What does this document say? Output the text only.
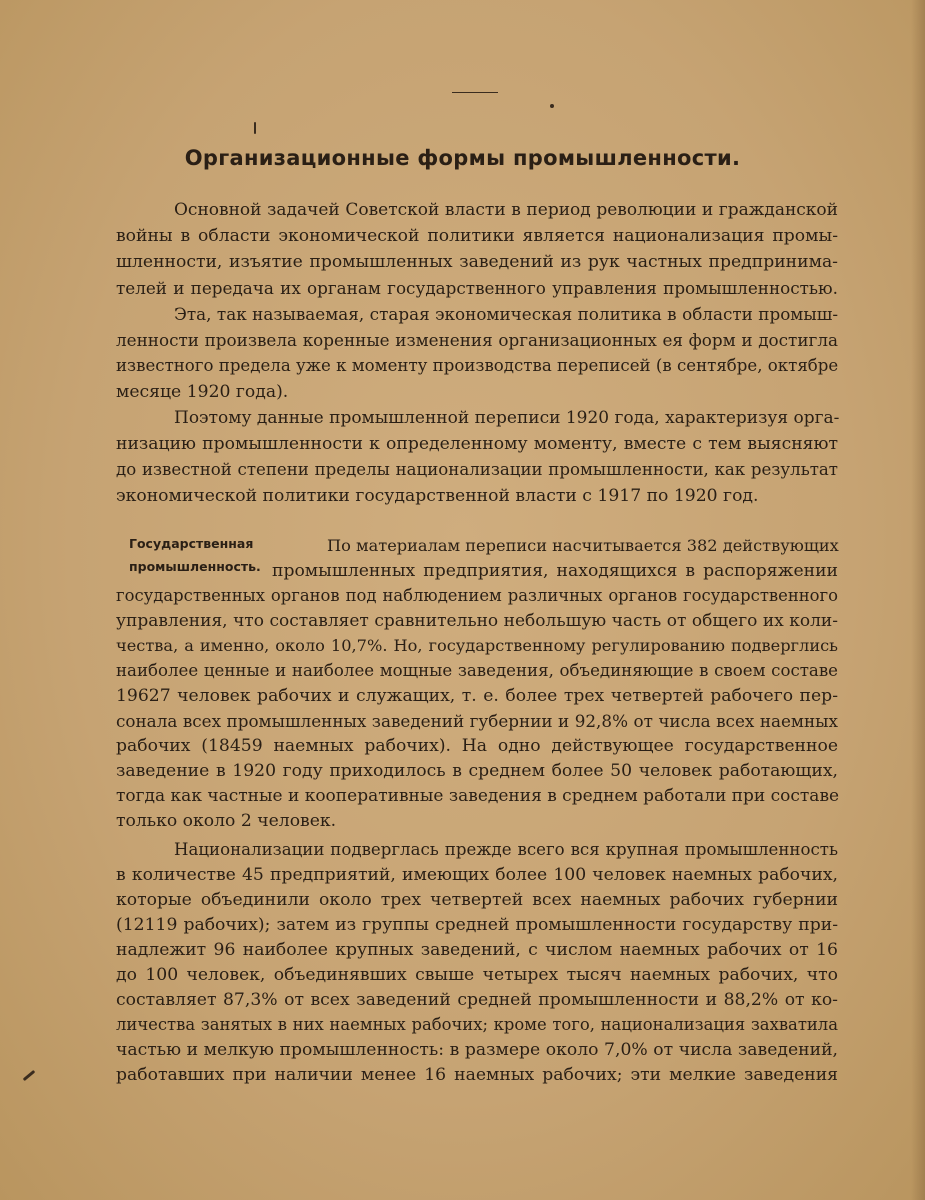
Организационные формы промышленности.

Основной задачей Советской власти в период революции и гражданской

войны в области экономической политики является национализация промы-

шленности, изъятие промышленных заведений из рук частных предпринима-

телей и передача их органам государственного управления промышленностью.

Эта, так называемая, старая экономическая политика в области промыш-

ленности произвела коренные изменения организационных ея форм и достигла

известного предела уже к моменту производства переписей (в сентябре, октябре

месяце 1920 года).

Поэтому данные промышленной переписи 1920 года, характеризуя орга-

низацию промышленности к определенному моменту, вместе с тем выясняют

до известной степени пределы национализации промышленности, как результат

экономической политики государственной власти с 1917 по 1920 год.

Государственная
промышленность.

По материалам переписи насчитывается 382 действующих

промышленных предприятия, находящихся в распоряжении

государственных органов под наблюдением различных органов государственного

управления, что составляет сравнительно небольшую часть от общего их коли-

чества, а именно, около 10,7%. Но, государственному регулированию подверглись

наиболее ценные и наиболее мощные заведения, объединяющие в своем составе

19627 человек рабочих и служащих, т. е. более трех четвертей рабочего пер-

сонала всех промышленных заведений губернии и 92,8% от числа всех наемных

рабочих (18459 наемных рабочих). На одно действующее государственное

заведение в 1920 году приходилось в среднем более 50 человек работающих,

тогда как частные и кооперативные заведения в среднем работали при составе

только около 2 человек.

Национализации подверглась прежде всего вся крупная промышленность

в количестве 45 предприятий, имеющих более 100 человек наемных рабочих,

которые объединили около трех четвертей всех наемных рабочих губернии

(12119 рабочих); затем из группы средней промышленности государству при-

надлежит 96 наиболее крупных заведений, с числом наемных рабочих от 16

до 100 человек, объединявших свыше четырех тысяч наемных рабочих, что

составляет 87,3% от всех заведений средней промышленности и 88,2% от ко-

личества занятых в них наемных рабочих; кроме того, национализация захватила

частью и мелкую промышленность: в размере около 7,0% от числа заведений,

работавших при наличии менее 16 наемных рабочих; эти мелкие заведения
